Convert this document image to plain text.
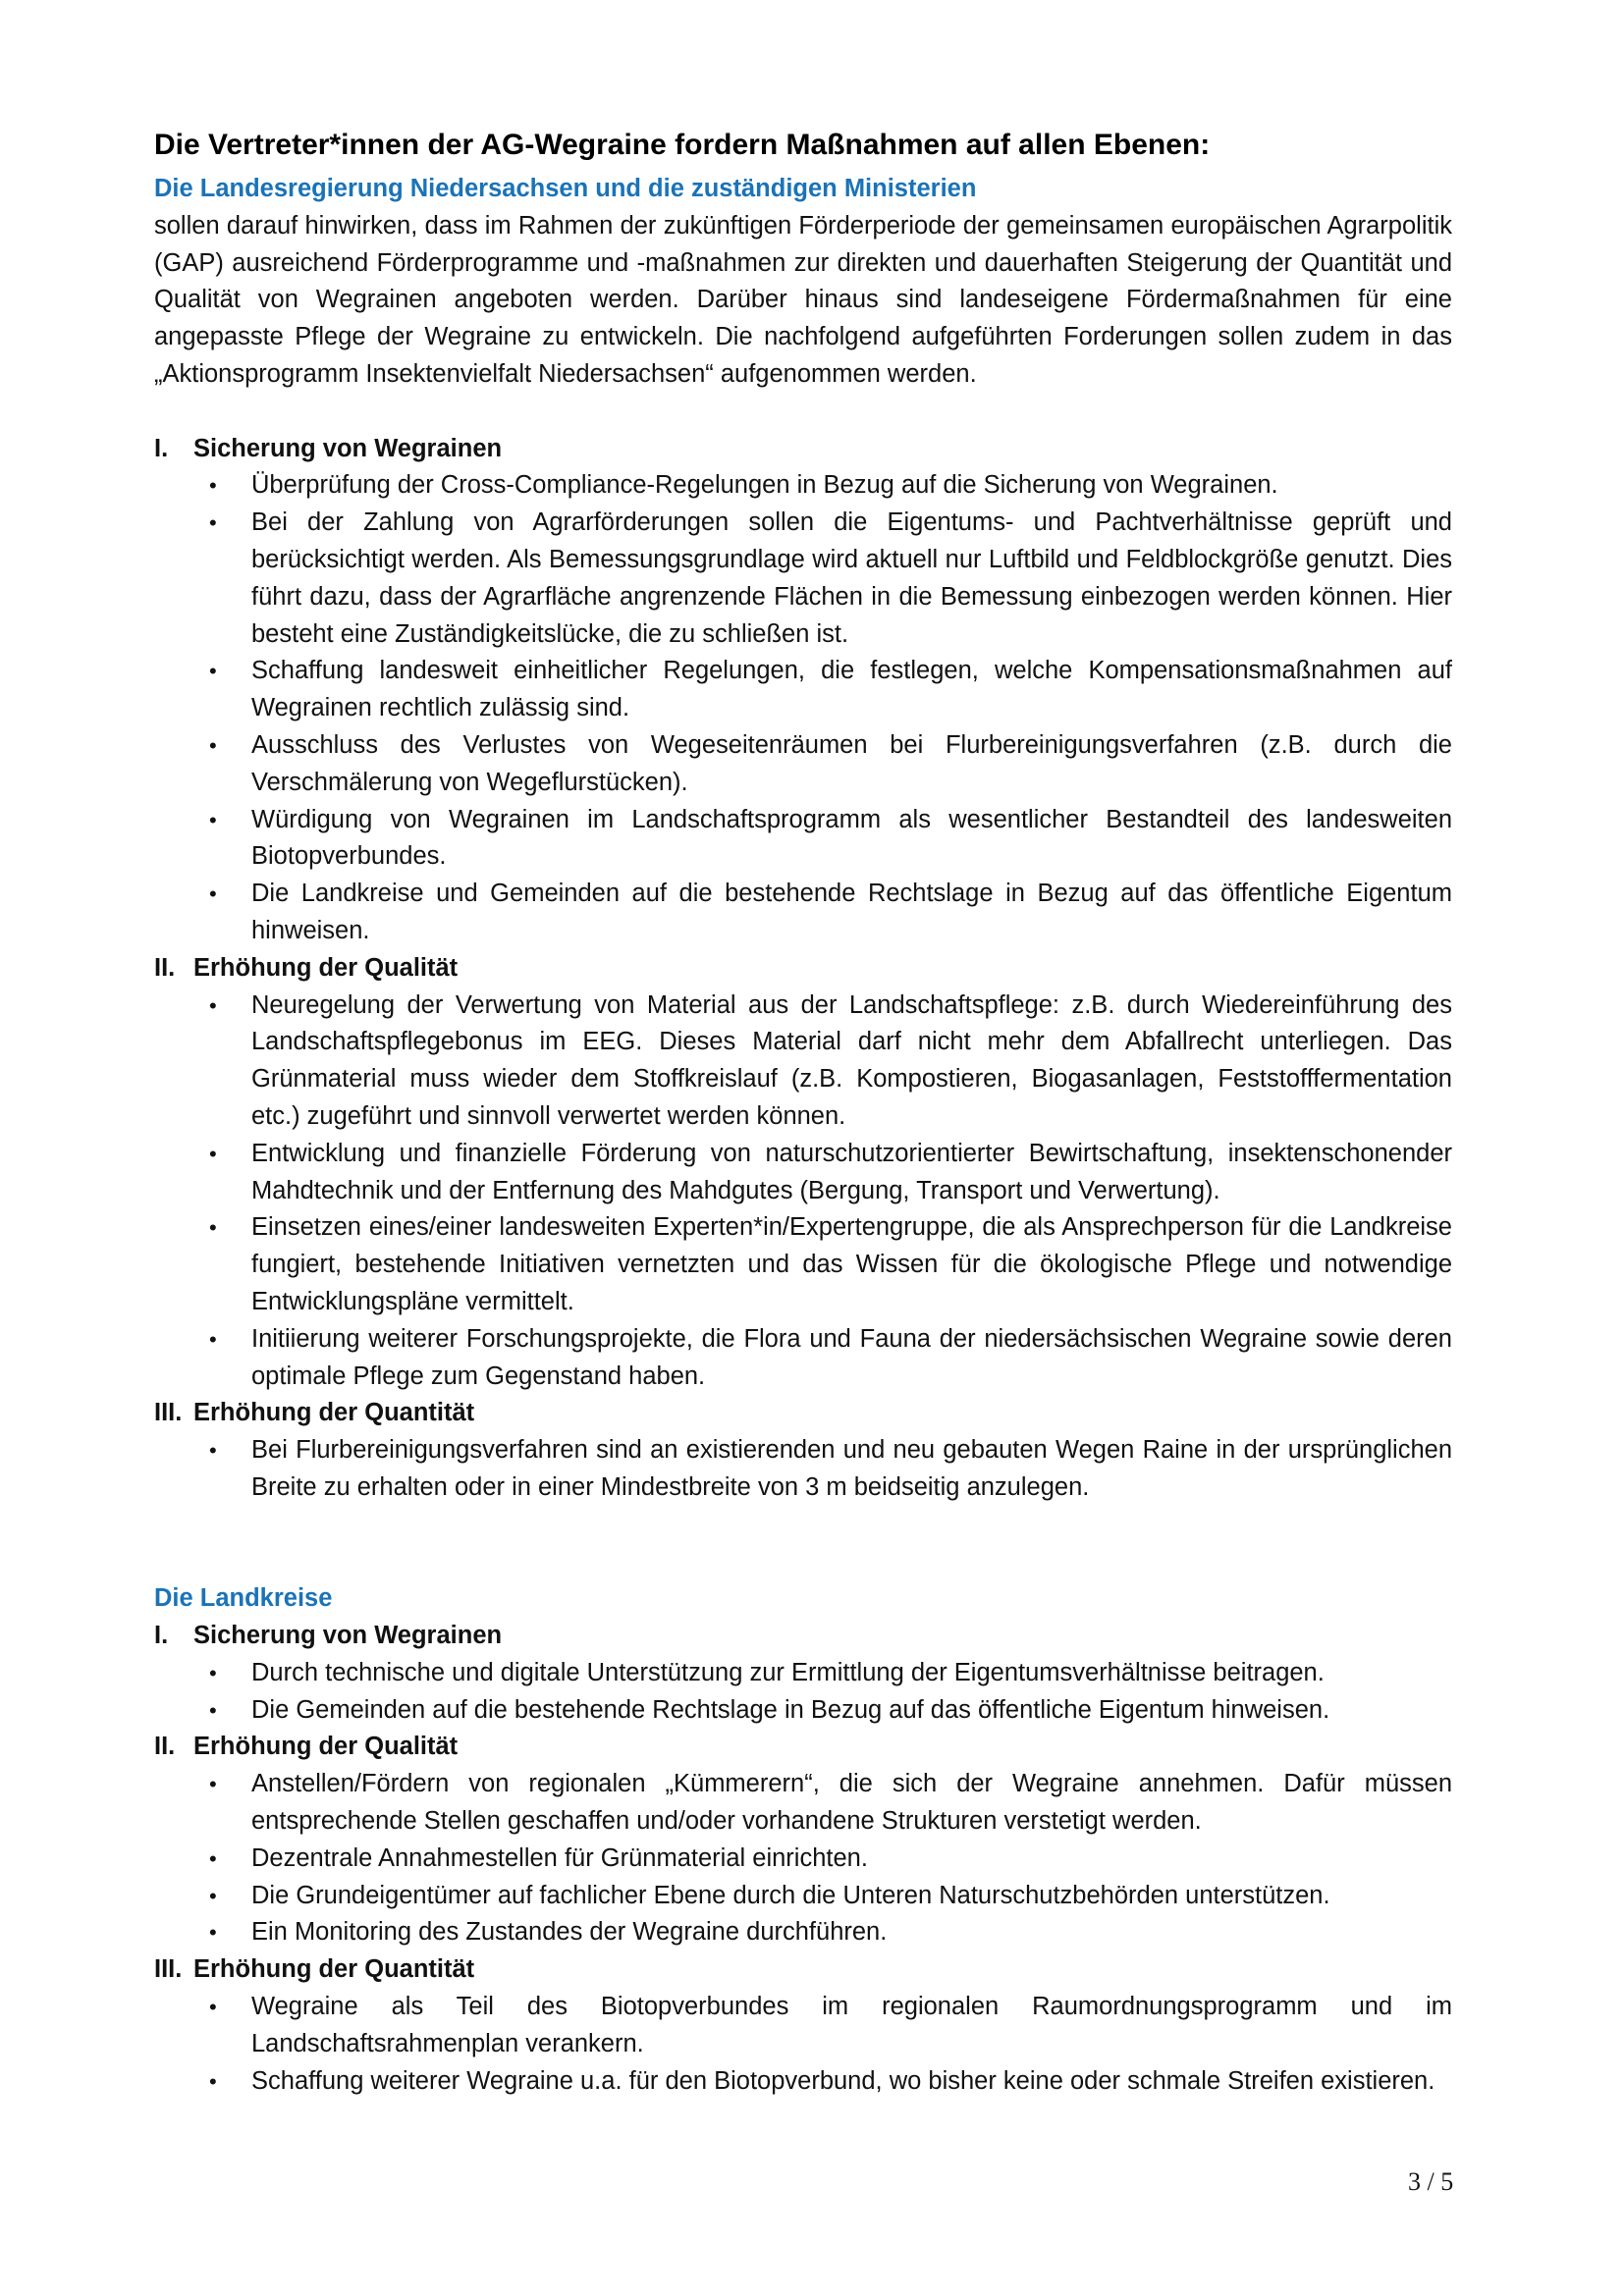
Die Vertreter*innen der AG-Wegraine fordern Maßnahmen auf allen Ebenen:
Die Landesregierung Niedersachsen und die zuständigen Ministerien

sollen darauf hinwirken, dass im Rahmen der zukünftigen Förderperiode der gemeinsamen europäischen Agrarpolitik (GAP) ausreichend Förderprogramme und -maßnahmen zur direkten und dauerhaften Steigerung der Quantität und Qualität von Wegrainen angeboten werden. Darüber hinaus sind landeseigene Fördermaßnahmen für eine angepasste Pflege der Wegraine zu entwickeln. Die nachfolgend aufgeführten Forderungen sollen zudem in das „Aktionsprogramm Insektenvielfalt Niedersachsen“ aufgenommen werden.

I.	Sicherung von Wegrainen
• Überprüfung der Cross-Compliance-Regelungen in Bezug auf die Sicherung von Wegrainen.
• Bei der Zahlung von Agrarförderungen sollen die Eigentums- und Pachtverhältnisse geprüft und berücksichtigt werden. Als Bemessungsgrundlage wird aktuell nur Luftbild und Feldblockgröße genutzt. Dies führt dazu, dass der Agrarfläche angrenzende Flächen in die Bemessung einbezogen werden können. Hier besteht eine Zuständigkeitslücke, die zu schließen ist.
• Schaffung landesweit einheitlicher Regelungen, die festlegen, welche Kompensationsmaßnahmen auf Wegrainen rechtlich zulässig sind.
• Ausschluss des Verlustes von Wegeseitenräumen bei Flurbereinigungsverfahren (z.B. durch die Verschmälerung von Wegeflurstücken).
• Würdigung von Wegrainen im Landschaftsprogramm als wesentlicher Bestandteil des landesweiten Biotopverbundes.
• Die Landkreise und Gemeinden auf die bestehende Rechtslage in Bezug auf das öffentliche Eigentum hinweisen.
II. Erhöhung der Qualität
• Neuregelung der Verwertung von Material aus der Landschaftspflege: z.B. durch Wiedereinführung des Landschaftspflegebonus im EEG. Dieses Material darf nicht mehr dem Abfallrecht unterliegen. Das Grünmaterial muss wieder dem Stoffkreislauf (z.B. Kompostieren, Biogasanlagen, Feststofffermentation etc.) zugeführt und sinnvoll verwertet werden können.
• Entwicklung und finanzielle Förderung von naturschutzorientierter Bewirtschaftung, insektenschonender Mahdtechnik und der Entfernung des Mahdgutes (Bergung, Transport und Verwertung).
• Einsetzen eines/einer landesweiten Experten*in/Expertengruppe, die als Ansprechperson für die Landkreise fungiert, bestehende Initiativen vernetzten und das Wissen für die ökologische Pflege und notwendige Entwicklungspläne vermittelt.
• Initiierung weiterer Forschungsprojekte, die Flora und Fauna der niedersächsischen Wegraine sowie deren optimale Pflege zum Gegenstand haben.
III. Erhöhung der Quantität
• Bei Flurbereinigungsverfahren sind an existierenden und neu gebauten Wegen Raine in der ursprünglichen Breite zu erhalten oder in einer Mindestbreite von 3 m beidseitig anzulegen.
Die Landkreise
I.	Sicherung von Wegrainen
• Durch technische und digitale Unterstützung zur Ermittlung der Eigentumsverhältnisse beitragen.
• Die Gemeinden auf die bestehende Rechtslage in Bezug auf das öffentliche Eigentum hinweisen.
II. Erhöhung der Qualität
• Anstellen/Fördern von regionalen „Kümmerern“, die sich der Wegraine annehmen. Dafür müssen entsprechende Stellen geschaffen und/oder vorhandene Strukturen verstetigt werden.
• Dezentrale Annahmestellen für Grünmaterial einrichten.
• Die Grundeigentümer auf fachlicher Ebene durch die Unteren Naturschutzbehörden unterstützen.
• Ein Monitoring des Zustandes der Wegraine durchführen.
III. Erhöhung der Quantität
• Wegraine als Teil des Biotopverbundes im regionalen Raumordnungsprogramm und im Landschaftsrahmenplan verankern.
• Schaffung weiterer Wegraine u.a. für den Biotopverbund, wo bisher keine oder schmale Streifen existieren.
3 / 5
